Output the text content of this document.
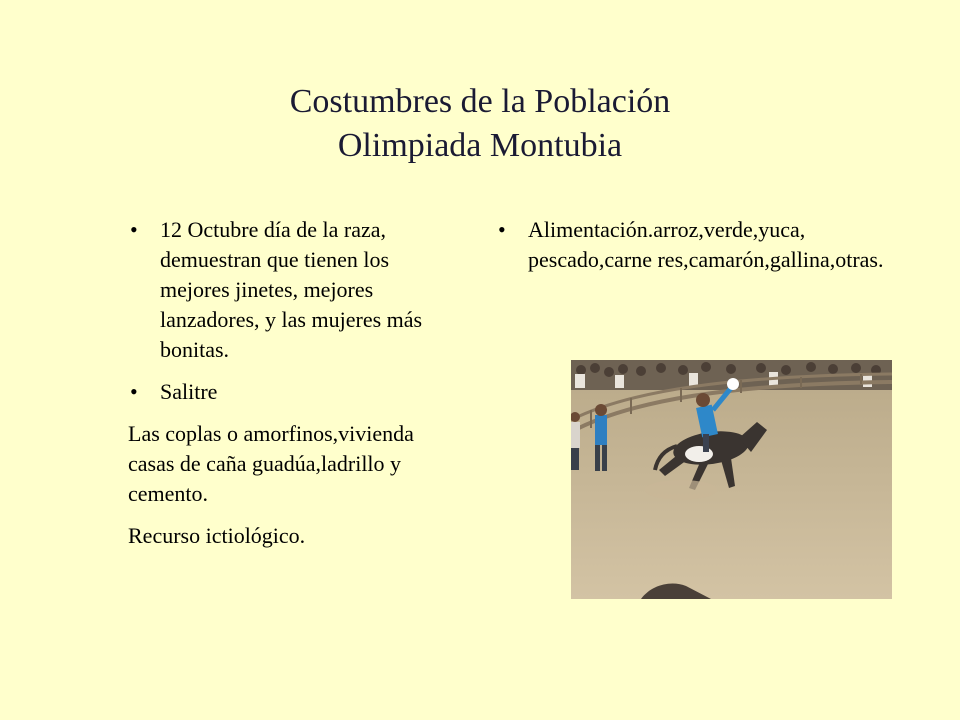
Costumbres de la Población
Olimpiada Montubia
• 12 Octubre día de la raza, demuestran que tienen los mejores jinetes, mejores lanzadores, y las mujeres más bonitas.
• Salitre
Las coplas o amorfinos,vivienda casas de caña guadúa,ladrillo y cemento.
Recurso ictiológico.
• Alimentación.arroz,verde,yuca, pescado,carne res,camarón,gallina,otras.
